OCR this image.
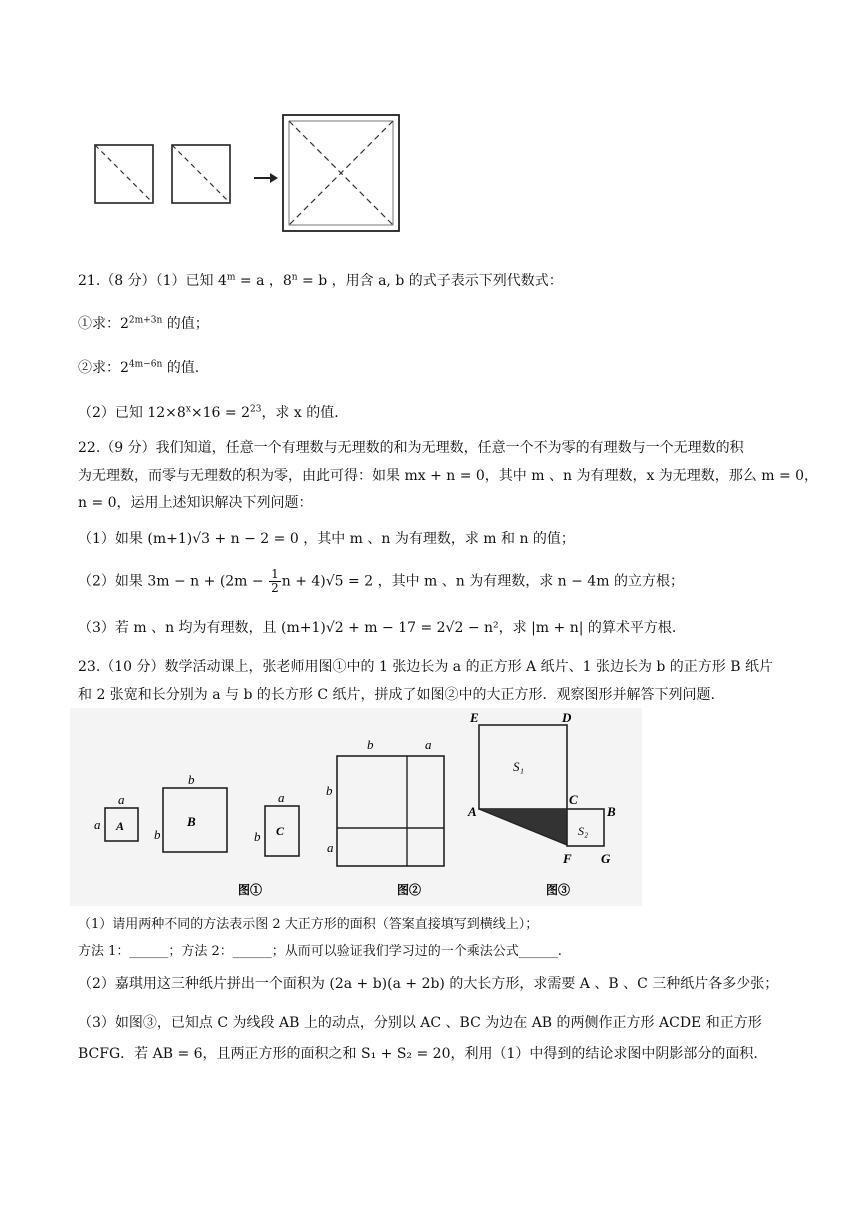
21.（8 分）（1）已知 $4^m = a$ ，$8^n = b$ ，用含 a, b 的式子表示下列代数式：
①求：$2^{2m+3n}$ 的值；
②求：$2^{4m-6n}$ 的值.
（2）已知 $12\times 8^x\times 16 = 2^{23}$，求 x 的值.
22.（9 分）我们知道，任意一个有理数与无理数的和为无理数，任意一个不为零的有理数与一个无理数的积
为无理数，而零与无理数的积为零，由此可得：如果 mx + n = 0，其中 m 、n 为有理数，x 为无理数，那么 m = 0，
n = 0，运用上述知识解决下列问题：
（1）如果 (m+1)√3 + n − 2 = 0 ，其中 m 、n 为有理数，求 m 和 n 的值；
（2）如果 $3m - n + (2m - \frac{1}{2}$ n + 4)√5 = 2 ，其中 m 、n 为有理数，求 n − 4m 的立方根；
（3）若 m 、n 均为有理数，且 (m+1)√2 + m − 17 = 2√2 − n²，求 |m + n| 的算术平方根.
23.（10 分）数学活动课上，张老师用图①中的 1 张边长为 a 的正方形 A 纸片、1 张边长为 b 的正方形 B 纸片
和 2 张宽和长分别为 a 与 b 的长方形 C 纸片，拼成了如图②中的大正方形．观察图形并解答下列问题.
a
a A
b
b
B
a
b C
b	a
b
a
E	D
S₁
A
C
B
S₂
F G
图①	图②	图③
（1）请用两种不同的方法表示图 2 大正方形的面积（答案直接填写到横线上）；
方法 1：______；方法 2：______；从而可以验证我们学习过的一个乘法公式______.
（2）嘉琪用这三种纸片拼出一个面积为 (2a + b)(a + 2b) 的大长方形，求需要 A 、B 、C 三种纸片各多少张；
（3）如图③，已知点 C 为线段 AB 上的动点，分别以 AC 、BC 为边在 AB 的两侧作正方形 ACDE 和正方形
BCFG．若 AB = 6，且两正方形的面积之和 S₁ + S₂ = 20，利用（1）中得到的结论求图中阴影部分的面积.
